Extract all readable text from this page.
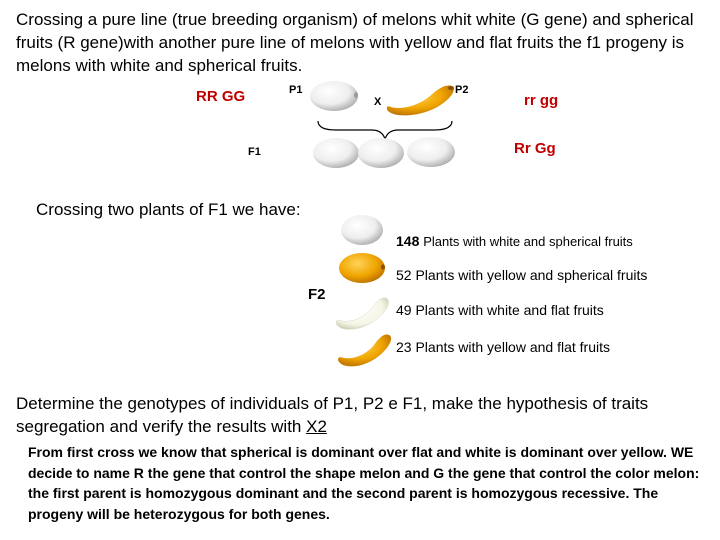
Crossing a pure line (true breeding organism) of melons whit white (G gene) and spherical fruits (R gene)with another pure line of melons with yellow and flat fruits the f1 progeny is melons with white and spherical fruits.
RR GG	P1
X
P2
rr gg
F1	Rr Gg
Crossing two plants of F1 we have:
F2
148 Plants with white and spherical fruits
52 Plants with yellow and spherical fruits
49 Plants with white and flat fruits
23 Plants with yellow and flat fruits
Determine the genotypes of individuals of P1, P2 e F1, make the hypothesis of traits segregation and verify the results with X2
From first cross we know that spherical is dominant over flat and white is dominant over yellow. WE decide to name R the gene that control the shape melon and G the gene that control the color melon: the first parent is homozygous dominant and the second parent is homozygous recessive. The progeny will be heterozygous for both genes.
